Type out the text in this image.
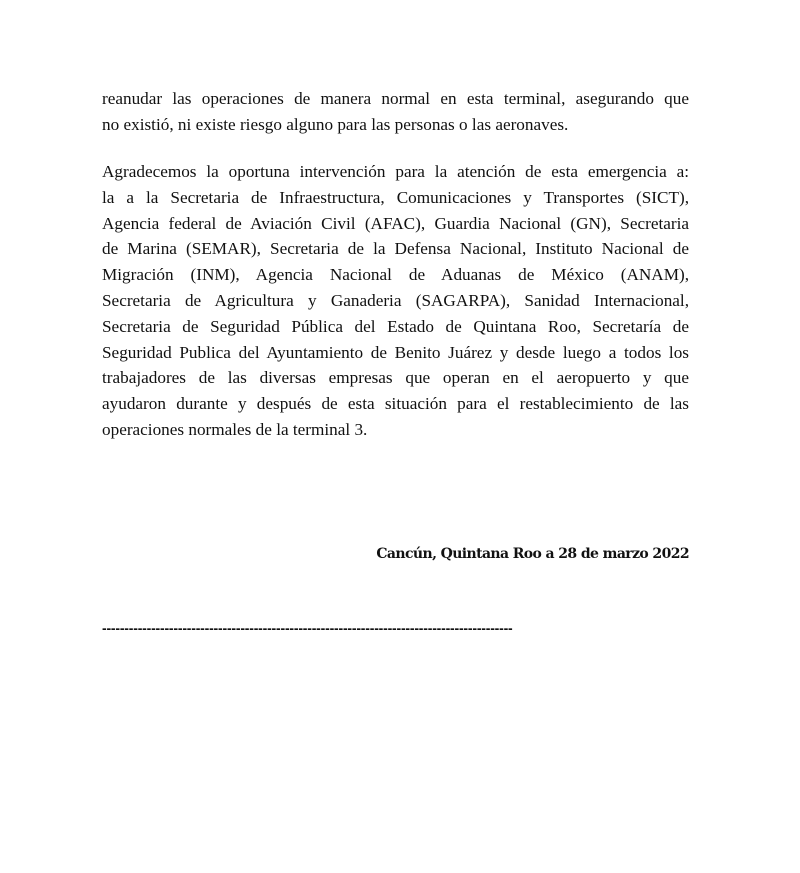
reanudar las operaciones de manera normal en esta terminal, asegurando que
no existió, ni existe riesgo alguno para las personas o las aeronaves.
Agradecemos la oportuna intervención para la atención de esta emergencia a:
la a la Secretaria de Infraestructura, Comunicaciones y Transportes (SICT),
Agencia federal de Aviación Civil (AFAC), Guardia Nacional (GN), Secretaria
de Marina (SEMAR), Secretaria de la Defensa Nacional, Instituto Nacional de
Migración (INM), Agencia Nacional de Aduanas de México (ANAM),
Secretaria de Agricultura y Ganaderia (SAGARPA), Sanidad Internacional,
Secretaria de Seguridad Pública del Estado de Quintana Roo, Secretaría de
Seguridad Publica del Ayuntamiento de Benito Juárez y desde luego a todos los
trabajadores de las diversas empresas que operan en el aeropuerto y que
ayudaron durante y después de esta situación para el restablecimiento de las
operaciones normales de la terminal 3.
Cancún, Quintana Roo a 28 de marzo 2022
--------------------------------------------------------------------------------------------
